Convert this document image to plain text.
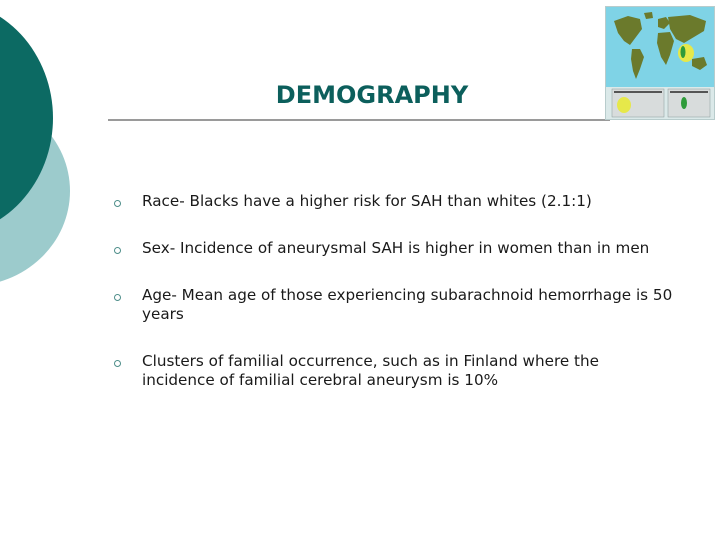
DEMOGRAPHY
Race- Blacks have a higher risk for SAH than whites (2.1:1)
Sex- Incidence of aneurysmal SAH is higher in women than in men
Age- Mean age of those experiencing subarachnoid hemorrhage is 50 years
Clusters of familial occurrence, such as in Finland where the incidence of familial cerebral aneurysm is 10%
